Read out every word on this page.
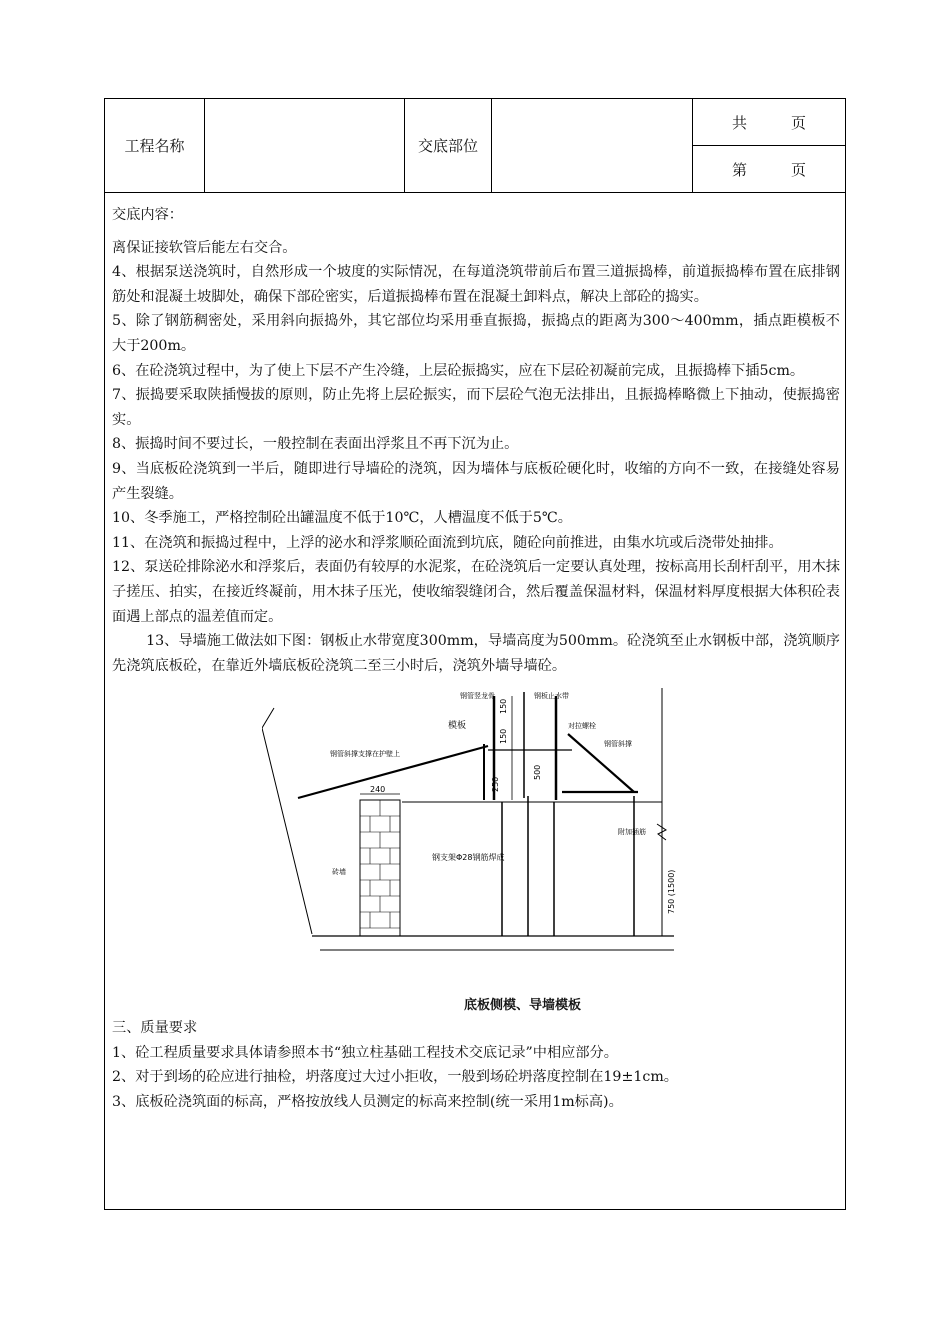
工程名称	交底部位
共	页
第	页

交底内容：

离保证接软管后能左右交合。

4、根据泵送浇筑时，自然形成一个坡度的实际情况，在每道浇筑带前后布置三道振捣棒，前道振捣棒布置在底排钢筋处和混凝土坡脚处，确保下部砼密实，后道振捣棒布置在混凝土卸料点，解决上部砼的捣实。

5、除了钢筋稠密处，采用斜向振捣外，其它部位均采用垂直振捣，振捣点的距离为300～400mm，插点距模板不大于200m。

6、在砼浇筑过程中，为了使上下层不产生冷缝，上层砼振捣实，应在下层砼初凝前完成，且振捣棒下插5cm。

7、振捣要采取陕插慢拔的原则，防止先将上层砼振实，而下层砼气泡无法排出，且振捣棒略微上下抽动，使振捣密实。

8、振捣时间不要过长，一般控制在表面出浮浆且不再下沉为止。

9、当底板砼浇筑到一半后，随即进行导墙砼的浇筑，因为墙体与底板砼硬化时，收缩的方向不一致，在接缝处容易产生裂缝。

10、冬季施工，严格控制砼出罐温度不低于10℃，人槽温度不低于5℃。

11、在浇筑和振捣过程中，上浮的泌水和浮浆顺砼面流到坑底，随砼向前推进，由集水坑或后浇带处抽排。

12、泵送砼排除泌水和浮浆后，表面仍有较厚的水泥浆，在砼浇筑后一定要认真处理，按标高用长刮杆刮平，用木抹子搓压、拍实，在接近终凝前，用木抹子压光，使收缩裂缝闭合，然后覆盖保温材料，保温材料厚度根据大体积砼表面遇上部点的温差值而定。

13、导墙施工做法如下图：钢板止水带宽度300mm，导墙高度为500mm。砼浇筑至止水钢板中部，浇筑顺序先浇筑底板砼，在靠近外墙底板砼浇筑二至三小时后，浇筑外墙导墙砼。

钢管竖龙骨	钢板止水带
模板
钢管斜撑支撑在护壁上
对拉螺栓
钢管斜撑
砖墙
钢支架Φ28钢筋焊成
附加插筋
240
150
150
500
250
750 (1500)
底板侧模、导墙模板

三、质量要求

1、砼工程质量要求具体请参照本书“独立柱基础工程技术交底记录”中相应部分。

2、对于到场的砼应进行抽检，坍落度过大过小拒收，一般到场砼坍落度控制在19±1cm。

3、底板砼浇筑面的标高，严格按放线人员测定的标高来控制(统一采用1m标高)。
